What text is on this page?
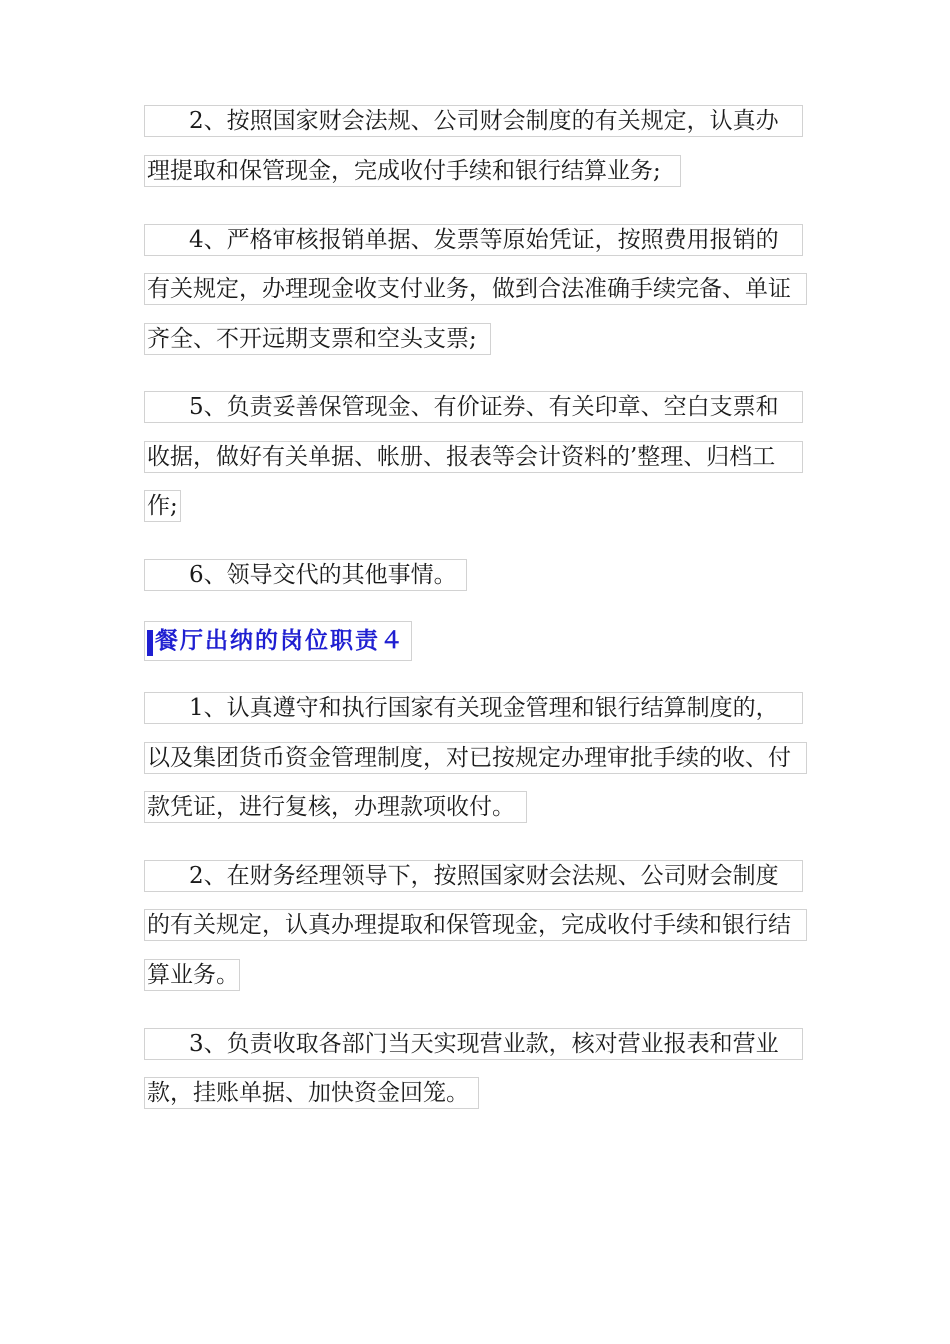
2、按照国家财会法规、公司财会制度的有关规定，认真办
理提取和保管现金，完成收付手续和银行结算业务;
4、严格审核报销单据、发票等原始凭证，按照费用报销的
有关规定，办理现金收支付业务，做到合法准确手续完备、单证
齐全、不开远期支票和空头支票;
5、负责妥善保管现金、有价证券、有关印章、空白支票和
收据，做好有关单据、帐册、报表等会计资料的’整理、归档工
作;
6、领导交代的其他事情。
餐厅出纳的岗位职责４
1、认真遵守和执行国家有关现金管理和银行结算制度的，
以及集团货币资金管理制度，对已按规定办理审批手续的收、付
款凭证，进行复核，办理款项收付。
2、在财务经理领导下，按照国家财会法规、公司财会制度
的有关规定，认真办理提取和保管现金，完成收付手续和银行结
算业务。
3、负责收取各部门当天实现营业款，核对营业报表和营业
款，挂账单据、加快资金回笼。
